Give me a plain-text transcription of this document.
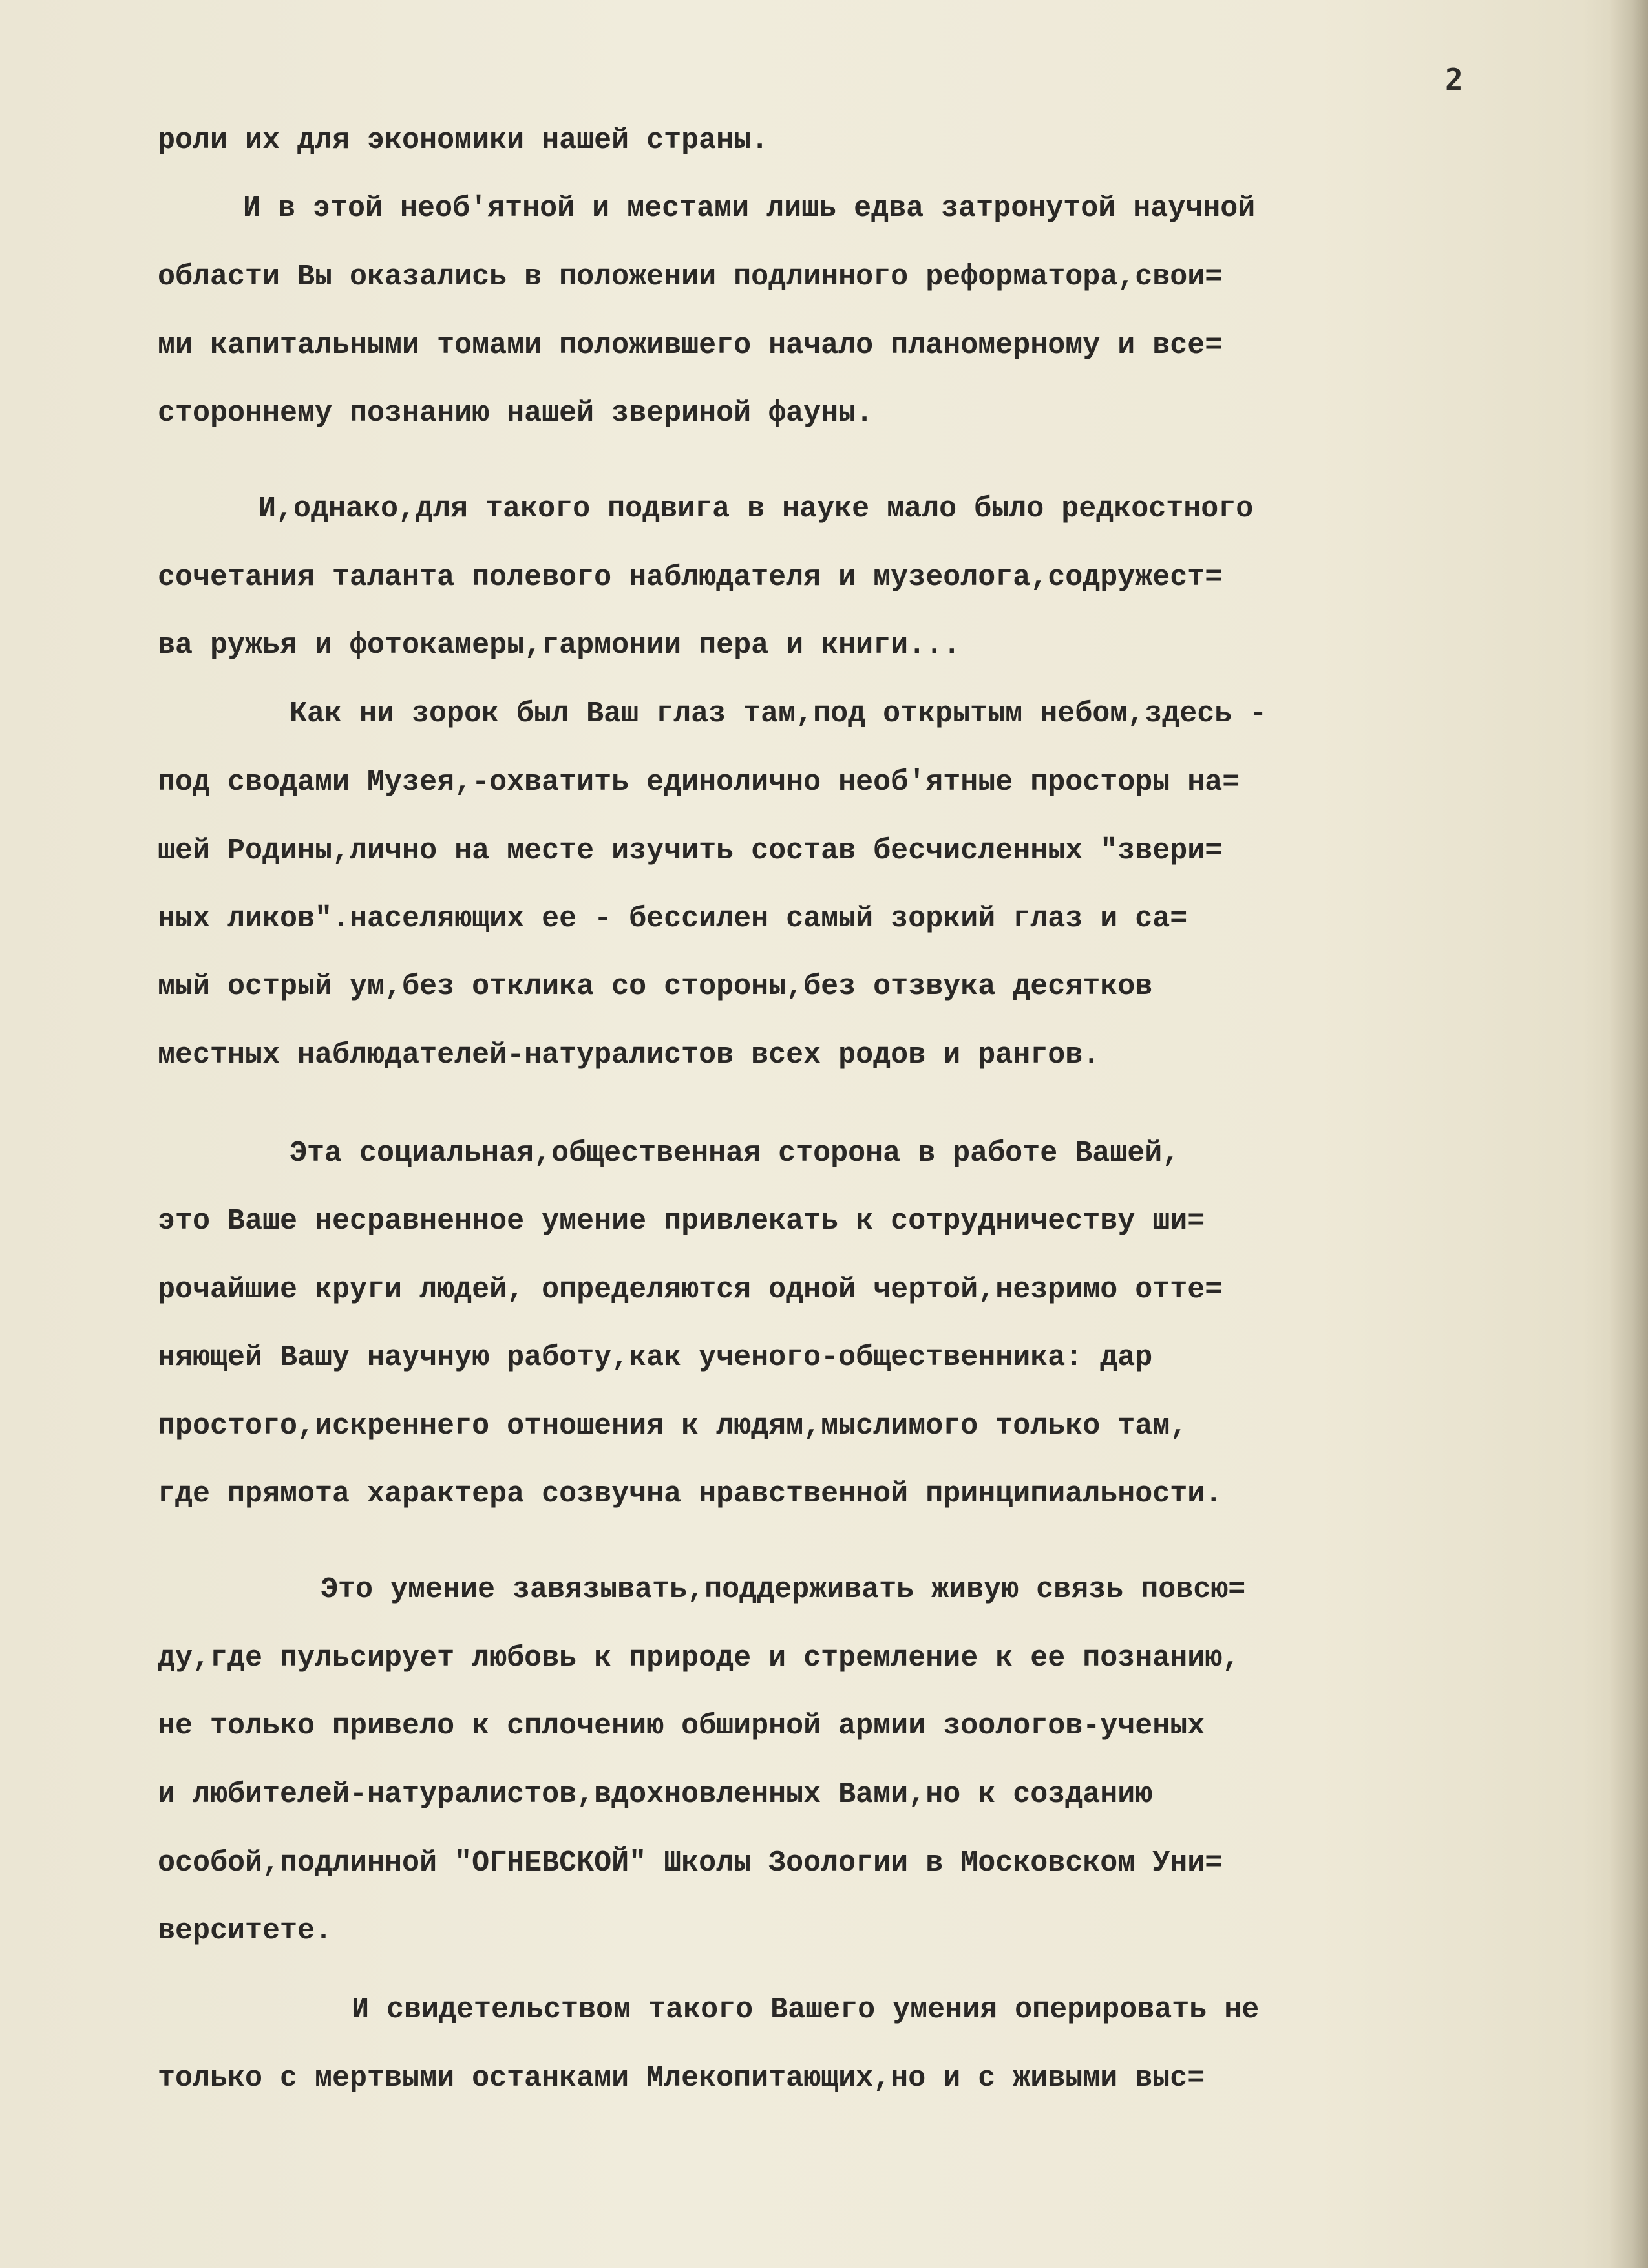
2
роли их для экономики нашей страны.
И в этой необ'ятной и местами лишь едва затронутой научной
области Вы оказались в положении подлинного реформатора,свои=
ми капитальными томами положившего начало планомерному и все=
стороннему познанию нашей звериной фауны.
И,однако,для такого подвига в науке мало было редкостного
сочетания таланта полевого наблюдателя и музеолога,содружест=
ва ружья и фотокамеры,гармонии пера и книги...
Как ни зорок был Ваш глаз там,под открытым небом,здесь -
под сводами Музея,-охватить единолично необ'ятные просторы на=
шей Родины,лично на месте изучить состав бесчисленных "звери=
ных ликов".населяющих ее - бессилен самый зоркий глаз и са=
мый острый ум,без отклика со стороны,без отзвука десятков
местных наблюдателей-натуралистов всех родов и рангов.
Эта социальная,общественная сторона в работе Вашей,
это Ваше несравненное умение привлекать к сотрудничеству ши=
рочайшие круги людей, определяются одной чертой,незримо отте=
няющей Вашу научную работу,как ученого-общественника: дар
простого,искреннего отношения к людям,мыслимого только там,
где прямота характера созвучна нравственной принципиальности.
Это умение завязывать,поддерживать живую связь повсю=
ду,где пульсирует любовь к природе и стремление к ее познанию,
не только привело к сплочению обширной армии зоологов-ученых
и любителей-натуралистов,вдохновленных Вами,но к созданию
особой,подлинной "ОГНЕВСКОЙ" Школы Зоологии в Московском Уни=
верситете.
И свидетельством такого Вашего умения оперировать не
только с мертвыми останками Млекопитающих,но и с живыми выс=
